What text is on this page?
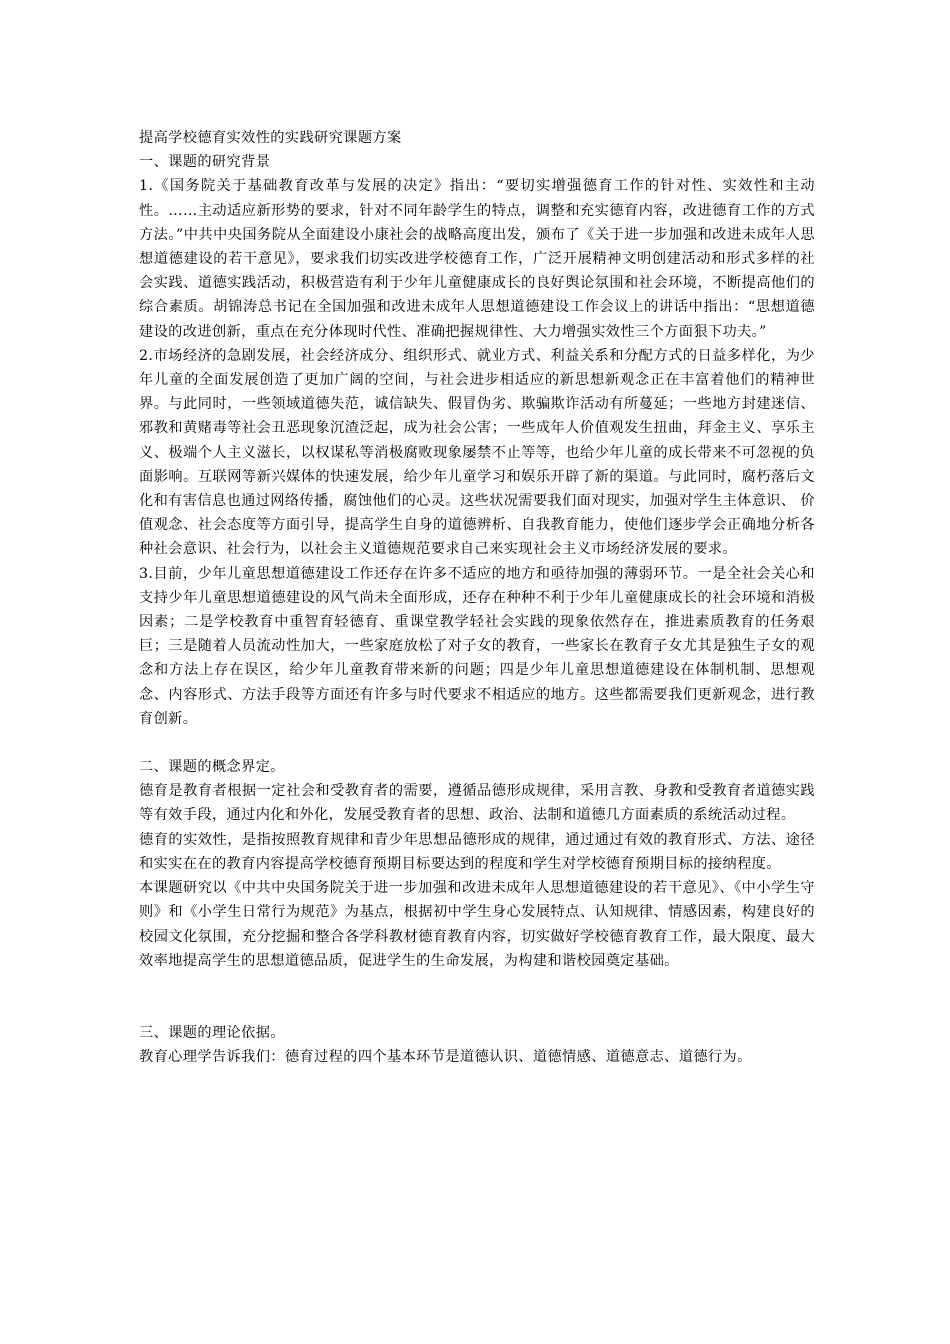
提高学校德育实效性的实践研究课题方案

一、课题的研究背景

1.《国务院关于基础教育改革与发展的决定》指出：“要切实增强德育工作的针对性、实效性和主动性。……主动适应新形势的要求，针对不同年龄学生的特点，调整和充实德育内容，改进德育工作的方式方法。”中共中央国务院从全面建设小康社会的战略高度出发，颁布了《关于进一步加强和改进未成年人思想道德建设的若干意见》，要求我们切实改进学校德育工作，广泛开展精神文明创建活动和形式多样的社会实践、道德实践活动，积极营造有利于少年儿童健康成长的良好舆论氛围和社会环境，不断提高他们的综合素质。胡锦涛总书记在全国加强和改进未成年人思想道德建设工作会议上的讲话中指出：“思想道德建设的改进创新，重点在充分体现时代性、准确把握规律性、大力增强实效性三个方面狠下功夫。”

2.市场经济的急剧发展，社会经济成分、组织形式、就业方式、利益关系和分配方式的日益多样化，为少年儿童的全面发展创造了更加广阔的空间，与社会进步相适应的新思想新观念正在丰富着他们的精神世界。与此同时，一些领域道德失范，诚信缺失、假冒伪劣、欺骗欺诈活动有所蔓延；一些地方封建迷信、邪教和黄赌毒等社会丑恶现象沉渣泛起，成为社会公害；一些成年人价值观发生扭曲，拜金主义、享乐主义、极端个人主义滋长，以权谋私等消极腐败现象屡禁不止等等，也给少年儿童的成长带来不可忽视的负面影响。互联网等新兴媒体的快速发展，给少年儿童学习和娱乐开辟了新的渠道。与此同时，腐朽落后文化和有害信息也通过网络传播，腐蚀他们的心灵。这些状况需要我们面对现实，加强对学生主体意识、 价值观念、社会态度等方面引导，提高学生自身的道德辨析、自我教育能力，使他们逐步学会正确地分析各种社会意识、社会行为，以社会主义道德规范要求自己来实现社会主义市场经济发展的要求。

3.目前，少年儿童思想道德建设工作还存在许多不适应的地方和亟待加强的薄弱环节。一是全社会关心和支持少年儿童思想道德建设的风气尚未全面形成，还存在种种不利于少年儿童健康成长的社会环境和消极因素；二是学校教育中重智育轻德育、重课堂教学轻社会实践的现象依然存在，推进素质教育的任务艰巨；三是随着人员流动性加大，一些家庭放松了对子女的教育，一些家长在教育子女尤其是独生子女的观念和方法上存在误区，给少年儿童教育带来新的问题；四是少年儿童思想道德建设在体制机制、思想观念、内容形式、方法手段等方面还有许多与时代要求不相适应的地方。这些都需要我们更新观念，进行教育创新。

二、课题的概念界定。

德育是教育者根据一定社会和受教育者的需要，遵循品德形成规律，采用言教、身教和受教育者道德实践等有效手段，通过内化和外化，发展受教育者的思想、政治、法制和道德几方面素质的系统活动过程。

德育的实效性，是指按照教育规律和青少年思想品德形成的规律，通过通过有效的教育形式、方法、途径和实实在在的教育内容提高学校德育预期目标要达到的程度和学生对学校德育预期目标的接纳程度。

本课题研究以《中共中央国务院关于进一步加强和改进未成年人思想道德建设的若干意见》、《中小学生守则》和《小学生日常行为规范》为基点，根据初中学生身心发展特点、认知规律、情感因素，构建良好的校园文化氛围，充分挖掘和整合各学科教材德育教育内容，切实做好学校德育教育工作，最大限度、最大效率地提高学生的思想道德品质，促进学生的生命发展，为构建和谐校园奠定基础。

三、课题的理论依据。

教育心理学告诉我们：德育过程的四个基本环节是道德认识、道德情感、道德意志、道德行为。
